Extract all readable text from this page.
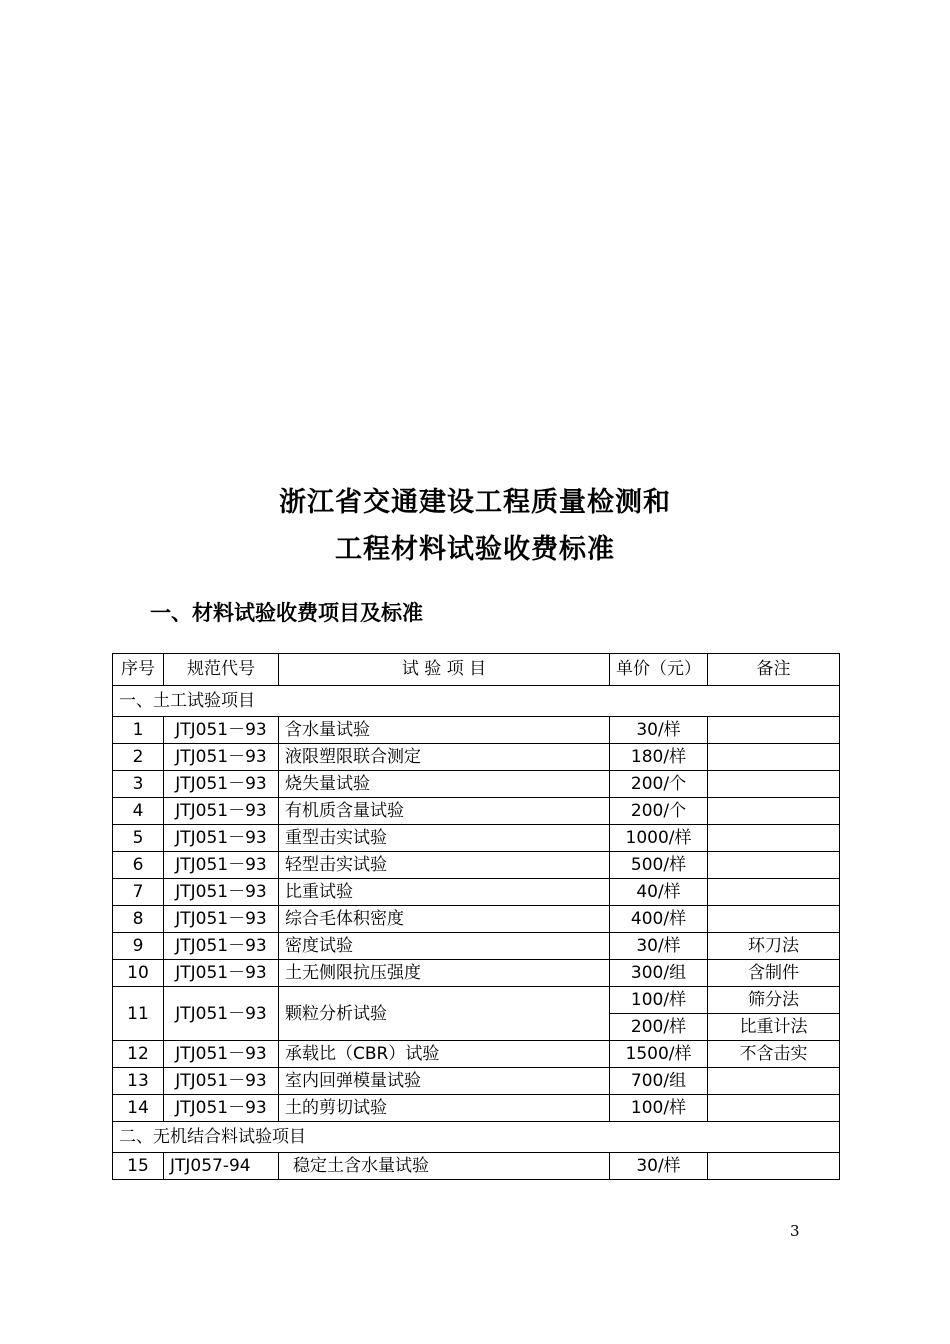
浙江省交通建设工程质量检测和
工程材料试验收费标准
一、材料试验收费项目及标准
序号	规范代号	试 验 项 目	单价（元）	备注
一、土工试验项目				
1	JTJ051－93	含水量试验	30/样	
2	JTJ051－93	液限塑限联合测定	180/样	
3	JTJ051－93	烧失量试验	200/个	
4	JTJ051－93	有机质含量试验	200/个	
5	JTJ051－93	重型击实试验	1000/样	
6	JTJ051－93	轻型击实试验	500/样	
7	JTJ051－93	比重试验	40/样	
8	JTJ051－93	综合毛体积密度	400/样	
9	JTJ051－93	密度试验	30/样	环刀法
10	JTJ051－93	土无侧限抗压强度	300/组	含制件
11	JTJ051－93	颗粒分析试验	100/样	筛分法
			200/样	比重计法
12	JTJ051－93	承载比（CBR）试验	1500/样	不含击实
13	JTJ051－93	室内回弹模量试验	700/组	
14	JTJ051－93	土的剪切试验	100/样	
二、无机结合料试验项目				
15	JTJ057-94	稳定土含水量试验	30/样	
3
